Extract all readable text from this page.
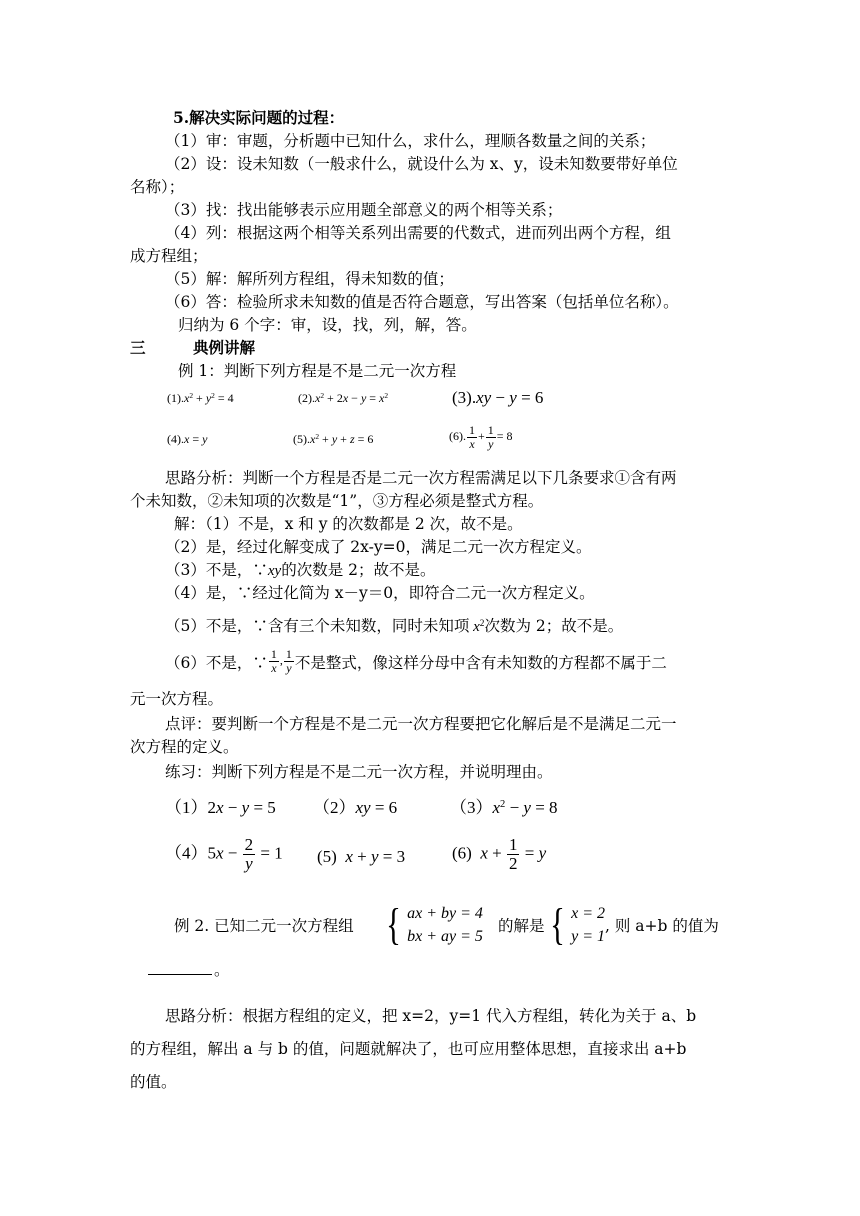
5.解决实际问题的过程：
（1）审：审题，分析题中已知什么，求什么，理顺各数量之间的关系；
（2）设：设未知数（一般求什么，就设什么为 x、y，设未知数要带好单位
名称）；
（3）找：找出能够表示应用题全部意义的两个相等关系；
（4）列：根据这两个相等关系列出需要的代数式，进而列出两个方程，组
成方程组；
（5）解：解所列方程组，得未知数的值；
（6）答：检验所求未知数的值是否符合题意，写出答案（包括单位名称）。
归纳为 6 个字：审，设，找，列，解，答。
三	典例讲解
例 1：判断下列方程是不是二元一次方程
$(1).x^2 + y^2 = 4$	$(2).x^2 + 2x - y = x^2$	(3).xy − y = 6
(4).x = y	$(5).x^2 + y + z = 6$	(6). $\frac{1}{x} + \frac{1}{y} = 8$
思路分析：判断一个方程是否是二元一次方程需满足以下几条要求①含有两
个未知数，②未知项的次数是“1”，③方程必须是整式方程。
解：（1）不是，x 和 y 的次数都是 2 次，故不是。
（2）是，经过化解变成了 2x-y=0，满足二元一次方程定义。
（3）不是，∵xy的次数是 2；故不是。
（4）是，∵经过化简为 x－y＝0，即符合二元一次方程定义。
（5）不是，∵含有三个未知数，同时未知项 $x^2$次数为 2；故不是。
（6）不是，∵ $^{\frac{1}{x} , \frac{1}{y}}$ 不是整式，像这样分母中含有未知数的方程都不属于二
元一次方程。
点评：要判断一个方程是不是二元一次方程要把它化解后是不是满足二元一
次方程的定义。
练习：判断下列方程是不是二元一次方程，并说明理由。
（1）2x − y = 5 （2）xy = 6	$(3)x^2 - y = 8$
$(4)5x - \frac{2}{y} = 1$ (5)  x + y = 3	(6)  $x + \frac{1}{2} = y$
例 2. 已知二元一次方程组 { ax + by = 4
bx + ay = 5
的解是 { x = 2
y = 1
, 则 a+b 的值为
。
思路分析：根据方程组的定义，把 x=2，y=1 代入方程组，转化为关于 a、b
的方程组，解出 a 与 b 的值，问题就解决了，也可应用整体思想，直接求出 a+b
的值。
